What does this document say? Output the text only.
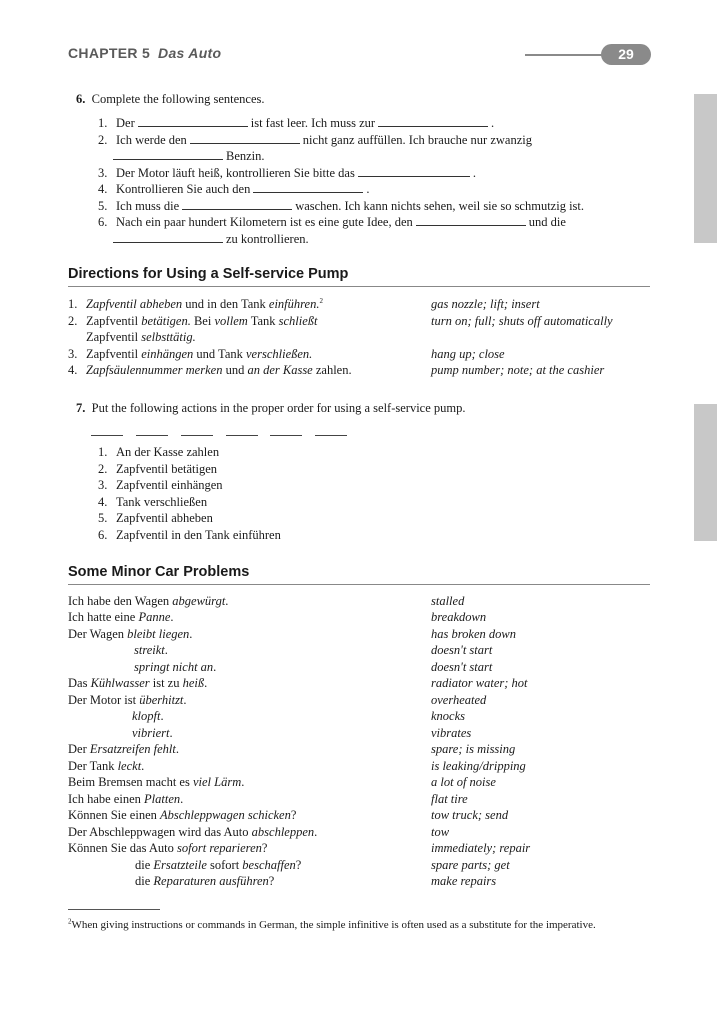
CHAPTER 5 Das Auto	29
6. Complete the following sentences.
1. Der	ist fast leer. Ich muss zur	.
2. Ich werde den	nicht ganz auffüllen. Ich brauche nur zwanzig
Benzin.
3. Der Motor läuft heiß, kontrollieren Sie bitte das	.
4. Kontrollieren Sie auch den	.
5. Ich muss die	waschen. Ich kann nichts sehen, weil sie so schmutzig ist.
6. Nach ein paar hundert Kilometern ist es eine gute Idee, den	und die
zu kontrollieren.
Directions for Using a Self-service Pump
1. Zapfventil abheben und in den Tank einführen.$^2$	gas nozzle; lift; insert
2. Zapfventil betätigen. Bei vollem Tank schließt	turn on; full; shuts off automatically
Zapfventil selbsttätig.
3. Zapfventil einhängen und Tank verschließen.	hang up; close
4. Zapfsäulennummer merken und an der Kasse zahlen.	pump number; note; at the cashier
7. Put the following actions in the proper order for using a self-service pump.
1. An der Kasse zahlen
2. Zapfventil betätigen
3. Zapfventil einhängen
4. Tank verschließen
5. Zapfventil abheben
6. Zapfventil in den Tank einführen
Some Minor Car Problems
Ich habe den Wagen abgewürgt.	stalled
Ich hatte eine Panne.	breakdown
Der Wagen bleibt liegen.	has broken down
streikt.	doesn't start
springt nicht an.	doesn't start
Das Kühlwasser ist zu heiß.	radiator water; hot
Der Motor ist überhitzt.	overheated
klopft.	knocks
vibriert.	vibrates
Der Ersatzreifen fehlt.	spare; is missing
Der Tank leckt.	is leaking/dripping
Beim Bremsen macht es viel Lärm.	a lot of noise
Ich habe einen Platten.	flat tire
Können Sie einen Abschleppwagen schicken?	tow truck; send
Der Abschleppwagen wird das Auto abschleppen.	tow
Können Sie das Auto sofort reparieren?	immediately; repair
die Ersatzteile sofort beschaffen?	spare parts; get
die Reparaturen ausführen?	make repairs
$^2$When giving instructions or commands in German, the simple infinitive is often used as a substitute for the imperative.
